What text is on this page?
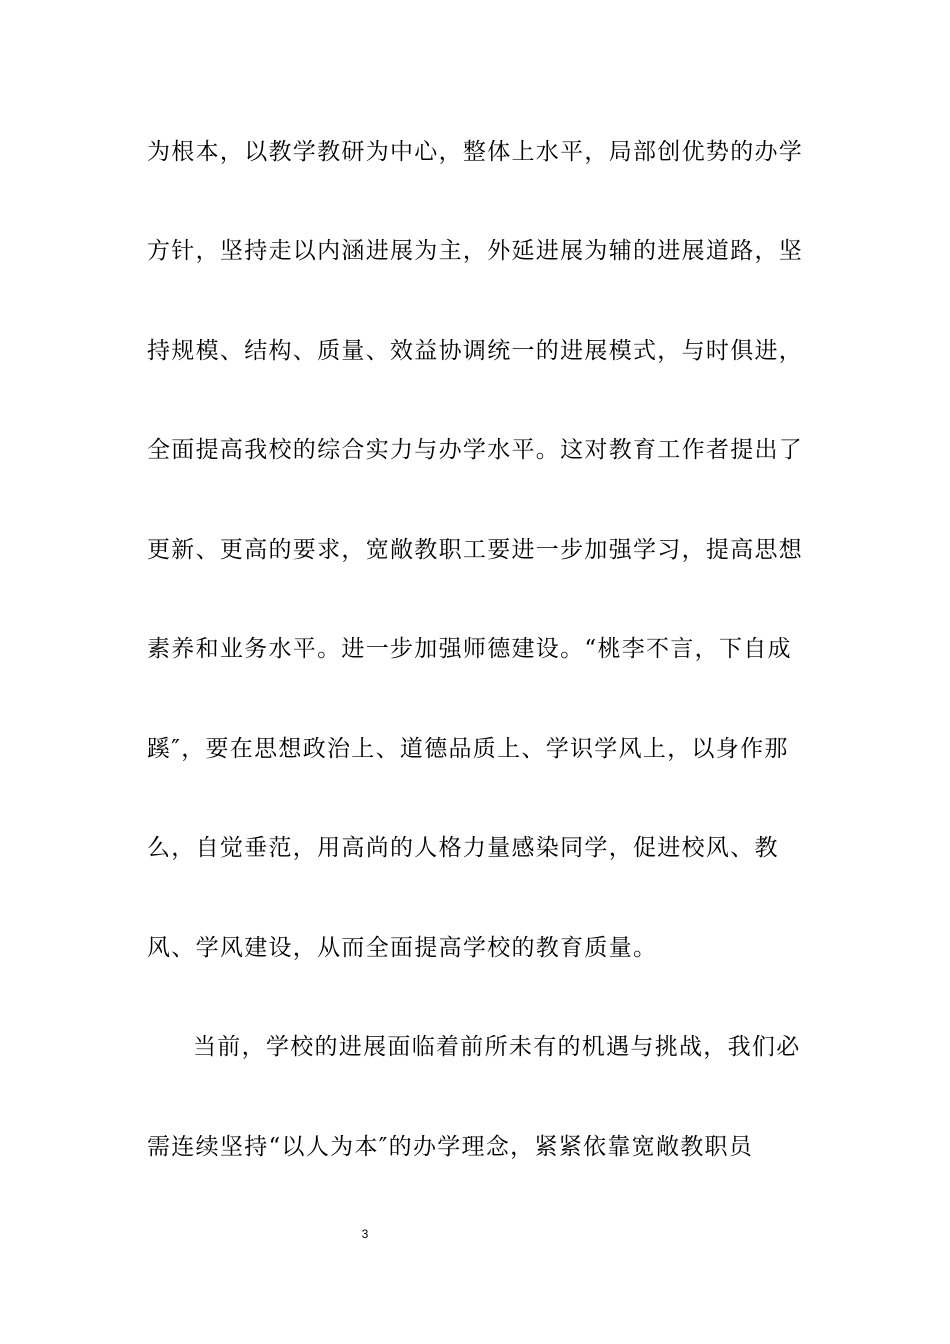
为根本，以教学教研为中心，整体上水平，局部创优势的办学
方针，坚持走以内涵进展为主，外延进展为辅的进展道路，坚
持规模、结构、质量、效益协调统一的进展模式，与时俱进，
全面提高我校的综合实力与办学水平。这对教育工作者提出了
更新、更高的要求，宽敞教职工要进一步加强学习，提高思想
素养和业务水平。进一步加强师德建设。“桃李不言，下自成
蹊″，要在思想政治上、道德品质上、学识学风上，以身作那
么，自觉垂范，用高尚的人格力量感染同学，促进校风、教
风、学风建设，从而全面提高学校的教育质量。
当前，学校的进展面临着前所未有的机遇与挑战，我们必
需连续坚持“以人为本″的办学理念，紧紧依靠宽敞教职员
3
